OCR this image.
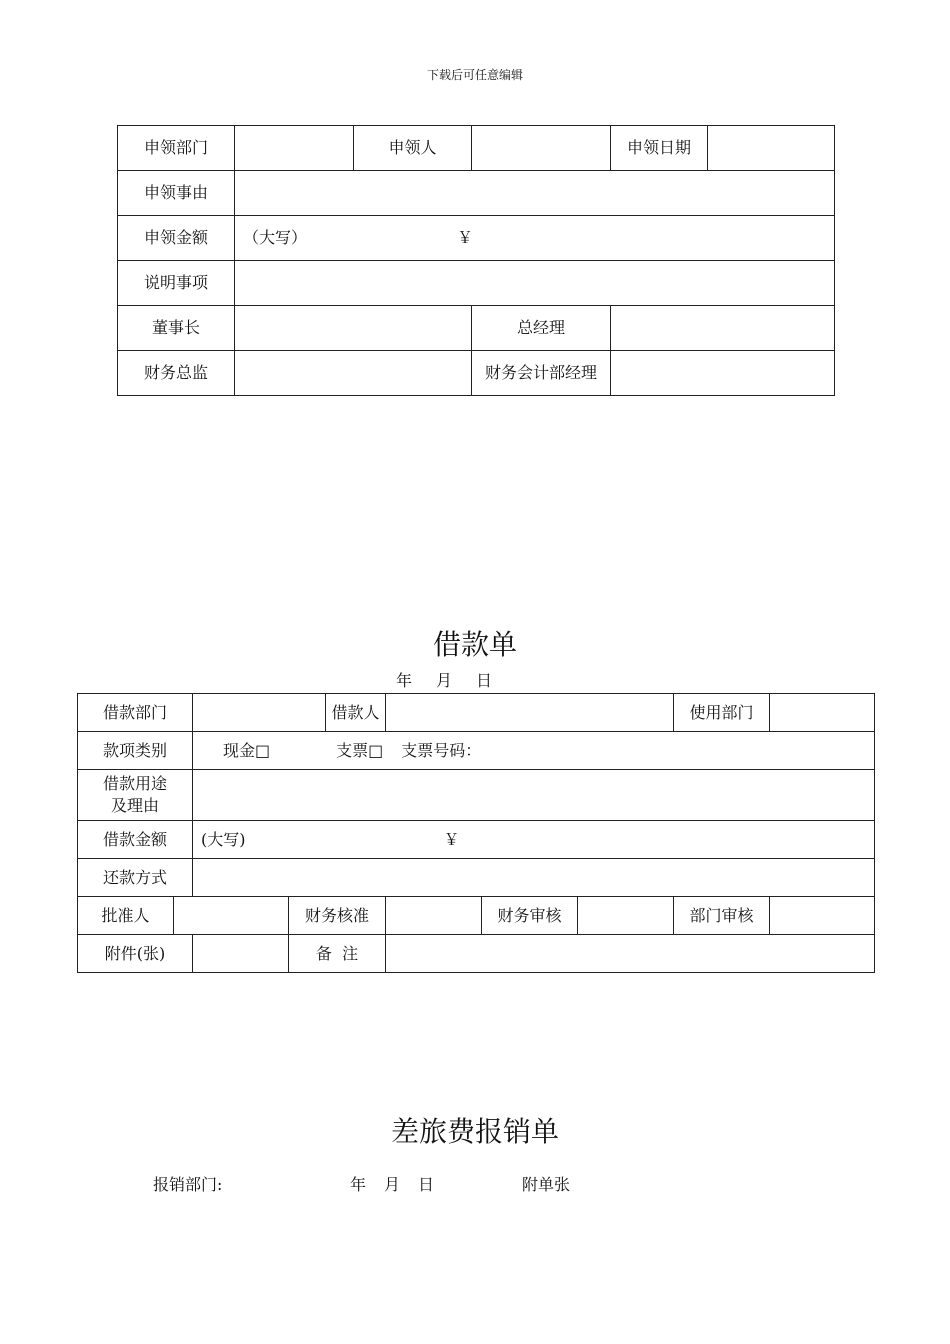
下载后可任意编辑
申领部门		申领人		申领日期	
申领事由					
申领金额	（大写） ￥				
说明事项					
董事长			总经理		
财务总监			财务会计部经理		
借款单
年 月 日
借款部门				借款人				使用部门	
款项类别		现金□ 支票□ 支票号码：							

借款用途
及理由									

借款金额		(大写) ￥							
还款方式									
批准人			财务核准			财务审核		部门审核	
附件(张)			备  注						
差旅费报销单
报销部门:	年 月 日	附单张
